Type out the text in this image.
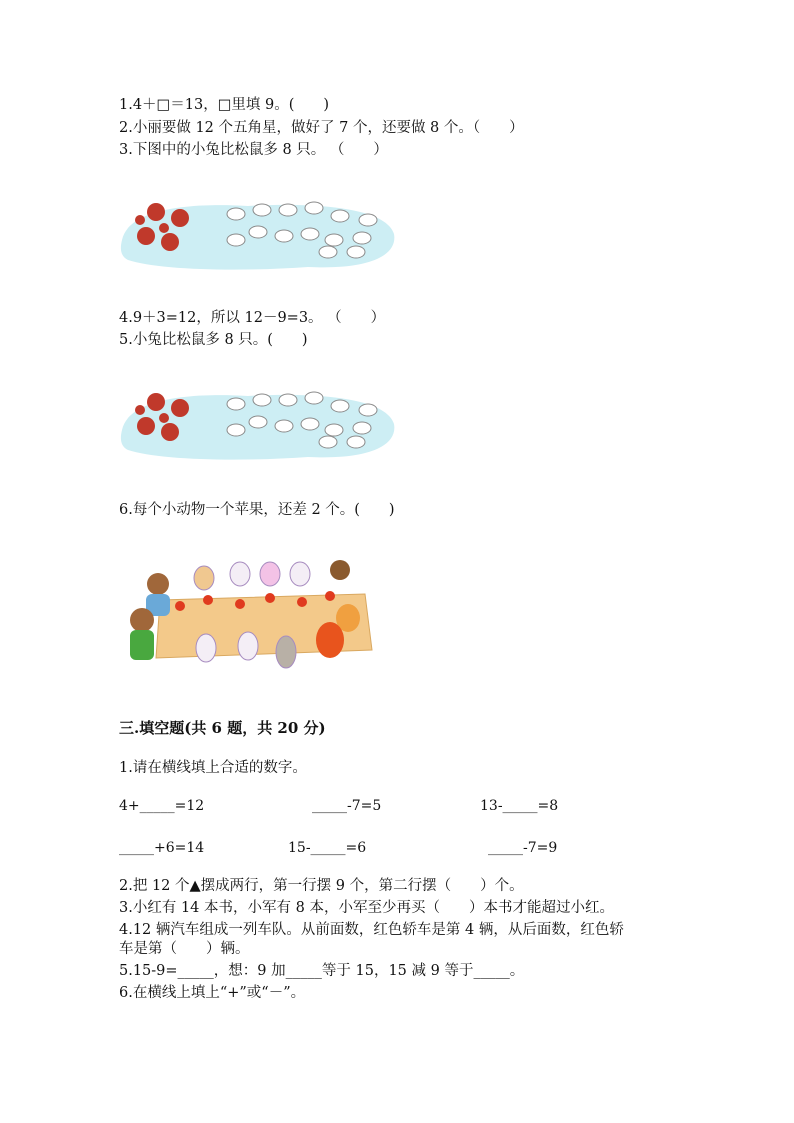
1.4＋□＝13，□里填 9。(　　)
2.小丽要做 12 个五角星，做好了 7 个，还要做 8 个。（　　）
3.下图中的小兔比松鼠多 8 只。 （　　）
4.9＋3=12，所以 12－9=3。 （　　）
5.小兔比松鼠多 8 只。(　　)
6.每个小动物一个苹果，还差 2 个。(　　)
三.填空题(共 6 题，共 20 分)
1.请在横线填上合适的数字。
4+_____=12	_____-7=5	13-_____=8
_____+6=14	15-_____=6	_____-7=9
2.把 12 个▲摆成两行，第一行摆 9 个，第二行摆（　　）个。
3.小红有 14 本书，小军有 8 本，小军至少再买（　　）本书才能超过小红。
4.12 辆汽车组成一列车队。从前面数，红色轿车是第 4 辆，从后面数，红色轿
车是第（　　）辆。
5.15-9=_____，想：9 加_____等于 15，15 减 9 等于_____。
6.在横线上填上“+”或“－”。
